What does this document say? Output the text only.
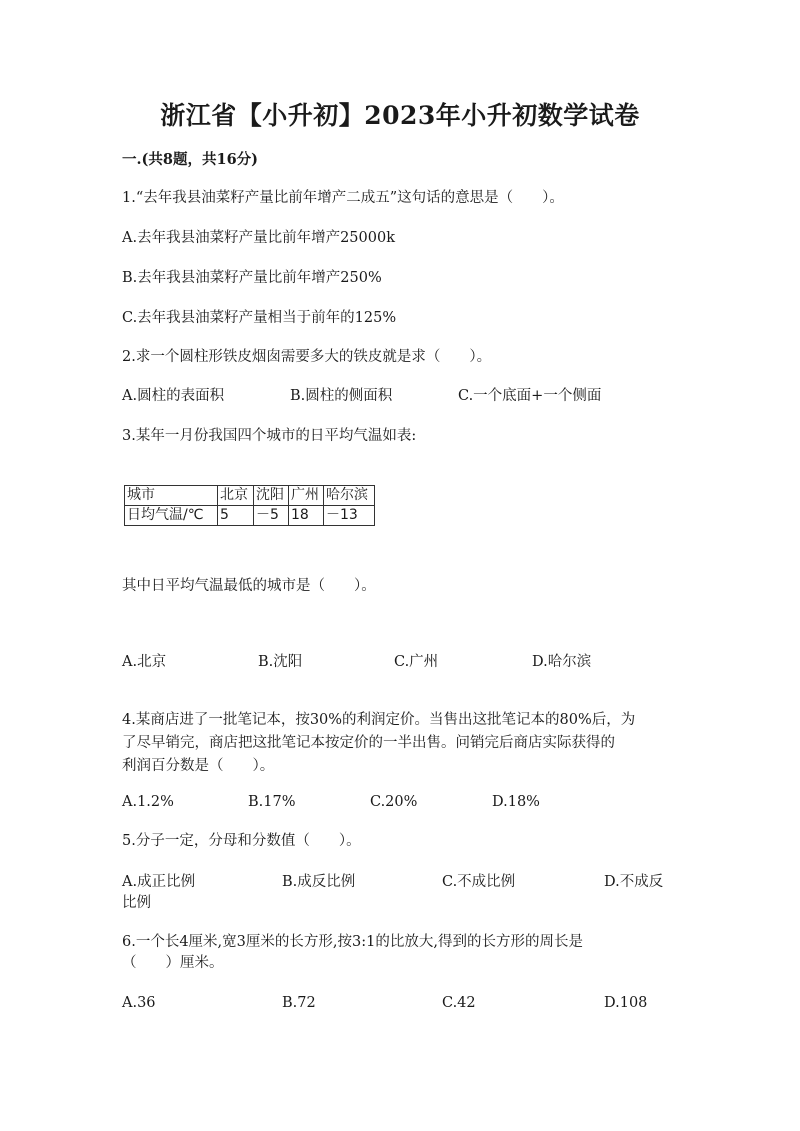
浙江省【小升初】2023年小升初数学试卷
一.(共8题，共16分)
1.“去年我县油菜籽产量比前年增产二成五”这句话的意思是（　　）。
A.去年我县油菜籽产量比前年增产25000k
B.去年我县油菜籽产量比前年增产250%
C.去年我县油菜籽产量相当于前年的125%
2.求一个圆柱形铁皮烟囱需要多大的铁皮就是求（　　）。
A.圆柱的表面积	B.圆柱的侧面积	C.一个底面+一个侧面
3.某年一月份我国四个城市的日平均气温如表:
城市	北京	沈阳	广州	哈尔滨
日均气温/℃	5	－5	18	－13
其中日平均气温最低的城市是（　　）。
A.北京	B.沈阳	C.广州	D.哈尔滨
4.某商店进了一批笔记本，按30%的利润定价。当售出这批笔记本的80%后，为
了尽早销完，商店把这批笔记本按定价的一半出售。问销完后商店实际获得的
利润百分数是（　　）。
A.1.2%	B.17%	C.20%	D.18%
5.分子一定，分母和分数值（　　）。
A.成正比例	B.成反比例	C.不成比例	D.不成反
比例
6.一个长4厘米,宽3厘米的长方形,按3:1的比放大,得到的长方形的周长是
（　　）厘米。
A.36	B.72	C.42	D.108
